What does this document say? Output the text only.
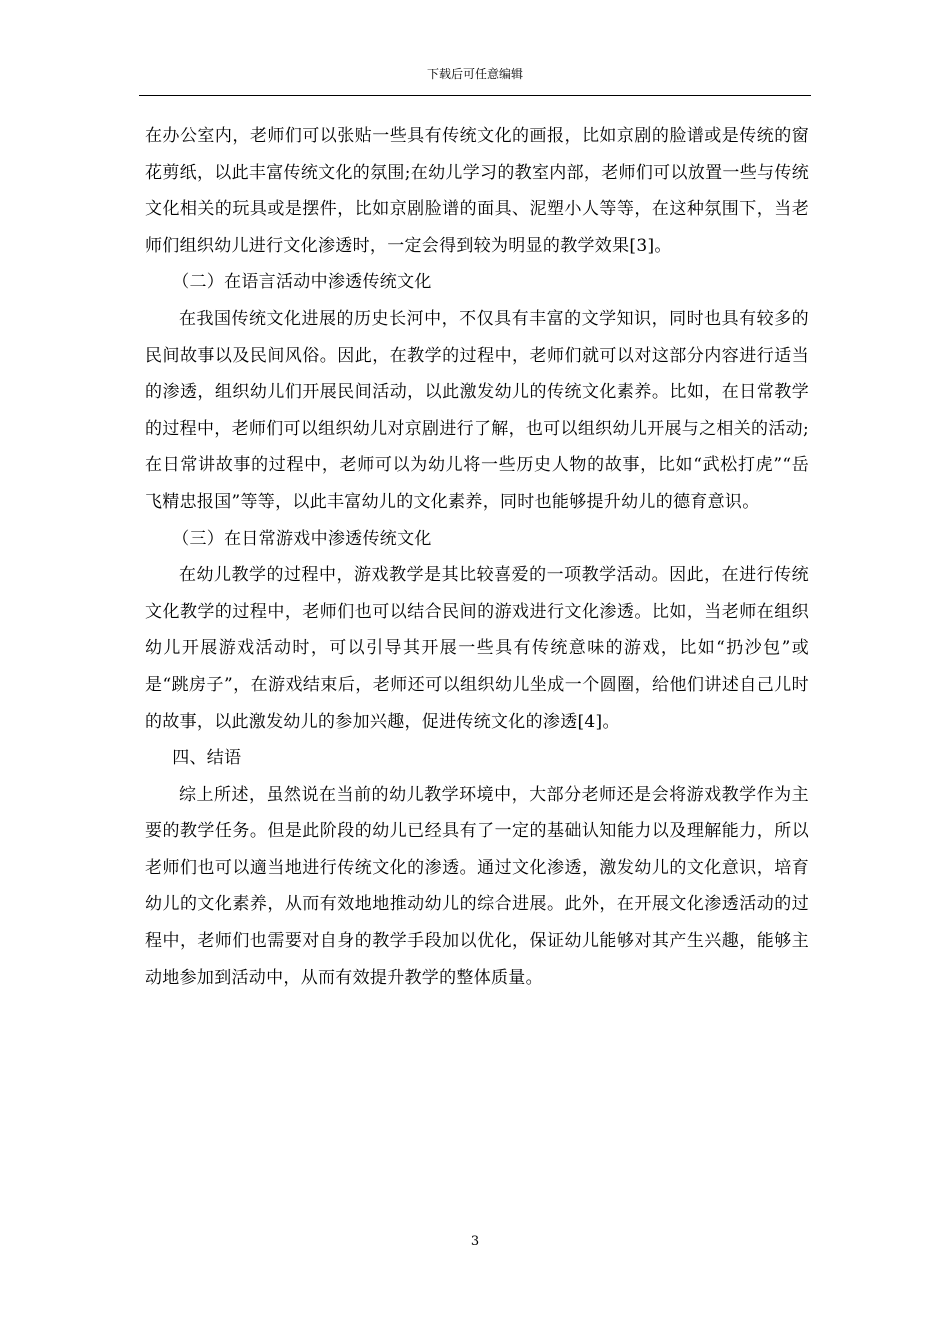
下载后可任意编辑

在办公室内，老师们可以张贴一些具有传统文化的画报，比如京剧的脸谱或是传统的窗花剪纸，以此丰富传统文化的氛围;在幼儿学习的教室内部，老师们可以放置一些与传统文化相关的玩具或是摆件，比如京剧脸谱的面具、泥塑小人等等，在这种氛围下，当老师们组织幼儿进行文化渗透时，一定会得到较为明显的教学效果[3]。

（二）在语言活动中渗透传统文化

在我国传统文化进展的历史长河中，不仅具有丰富的文学知识，同时也具有较多的民间故事以及民间风俗。因此，在教学的过程中，老师们就可以对这部分内容进行适当的渗透，组织幼儿们开展民间活动，以此激发幼儿的传统文化素养。比如，在日常教学的过程中，老师们可以组织幼儿对京剧进行了解，也可以组织幼儿开展与之相关的活动;在日常讲故事的过程中，老师可以为幼儿将一些历史人物的故事，比如“武松打虎”“岳飞精忠报国”等等，以此丰富幼儿的文化素养，同时也能够提升幼儿的德育意识。

（三）在日常游戏中渗透传统文化

在幼儿教学的过程中，游戏教学是其比较喜爱的一项教学活动。因此，在进行传统文化教学的过程中，老师们也可以结合民间的游戏进行文化渗透。比如，当老师在组织幼儿开展游戏活动时，可以引导其开展一些具有传统意味的游戏，比如“扔沙包”或是“跳房子”，在游戏结束后，老师还可以组织幼儿坐成一个圆圈，给他们讲述自己儿时的故事，以此激发幼儿的参加兴趣，促进传统文化的渗透[4]。

四、结语

综上所述，虽然说在当前的幼儿教学环境中，大部分老师还是会将游戏教学作为主要的教学任务。但是此阶段的幼儿已经具有了一定的基础认知能力以及理解能力，所以老师们也可以適当地进行传统文化的渗透。通过文化渗透，激发幼儿的文化意识，培育幼儿的文化素养，从而有效地地推动幼儿的综合进展。此外，在开展文化渗透活动的过程中，老师们也需要对自身的教学手段加以优化，保证幼儿能够对其产生兴趣，能够主动地参加到活动中，从而有效提升教学的整体质量。

3
